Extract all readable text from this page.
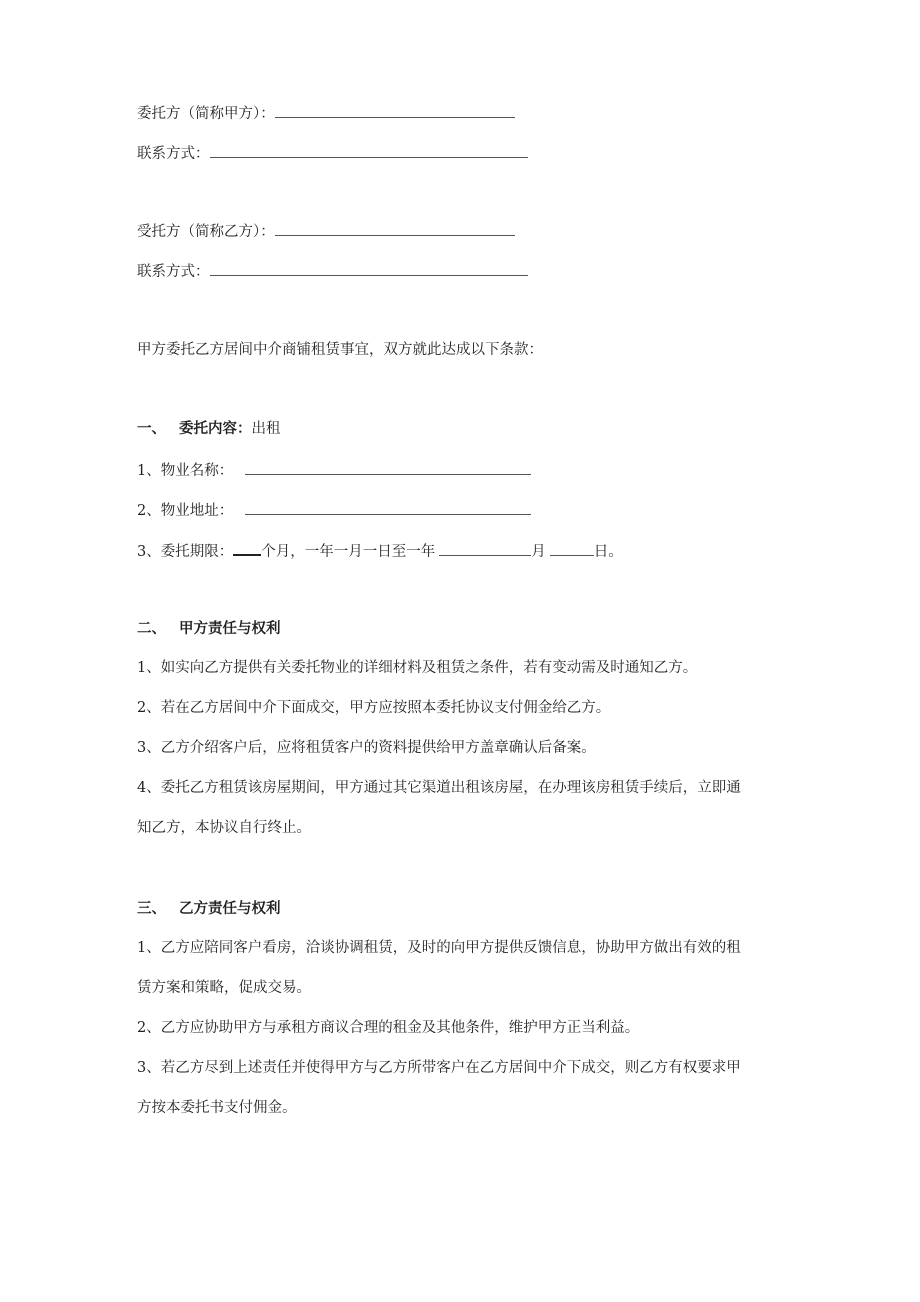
委托方（简称甲方）：
联系方式：
受托方（简称乙方）：
联系方式：
甲方委托乙方居间中介商铺租赁事宜，双方就此达成以下条款：
一、 委托内容：出租
1、物业名称：
2、物业地址：
3、委托期限： 个月，一年一月一日至一年	月	日。
二、 甲方责任与权利
1、如实向乙方提供有关委托物业的详细材料及租赁之条件，若有变动需及时通知乙方。
2、若在乙方居间中介下面成交，甲方应按照本委托协议支付佣金给乙方。
3、乙方介绍客户后，应将租赁客户的资料提供给甲方盖章确认后备案。
4、委托乙方租赁该房屋期间，甲方通过其它渠道出租该房屋，在办理该房租赁手续后，立即通
知乙方，本协议自行终止。
三、 乙方责任与权利
1、乙方应陪同客户看房，洽谈协调租赁，及时的向甲方提供反馈信息，协助甲方做出有效的租
赁方案和策略，促成交易。
2、乙方应协助甲方与承租方商议合理的租金及其他条件，维护甲方正当利益。
3、若乙方尽到上述责任并使得甲方与乙方所带客户在乙方居间中介下成交，则乙方有权要求甲
方按本委托书支付佣金。
